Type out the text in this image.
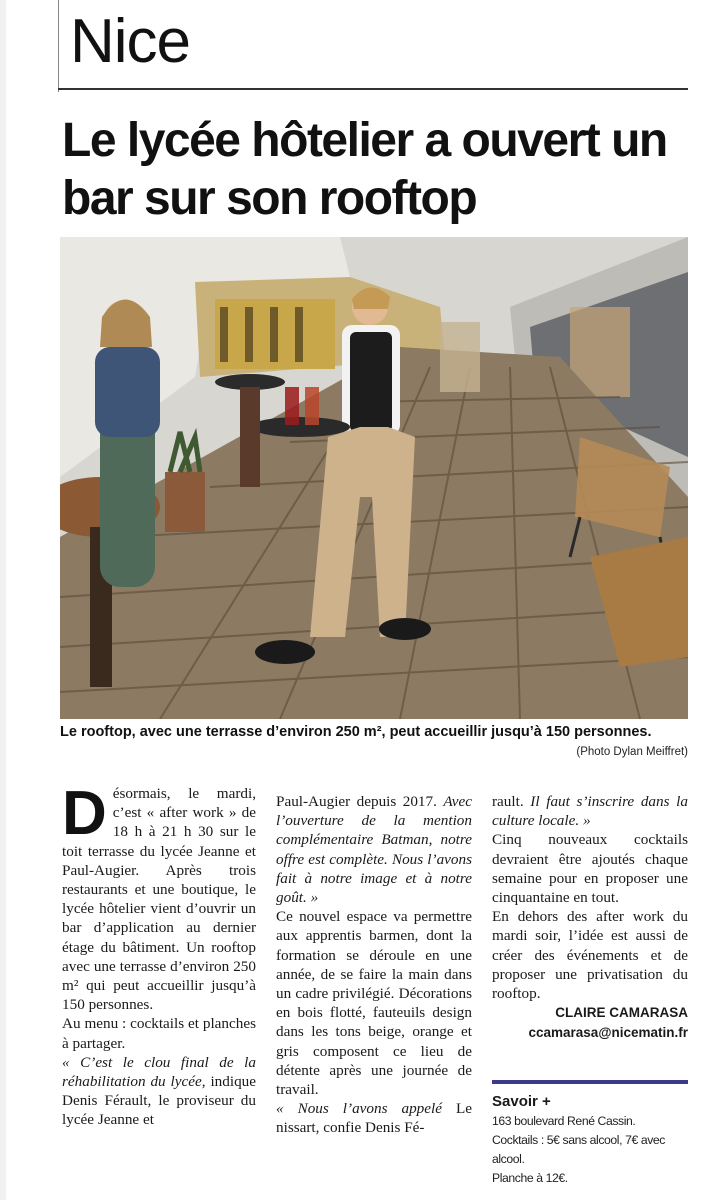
Nice
Le lycée hôtelier a ouvert un bar sur son rooftop
Le rooftop, avec une terrasse d’environ 250 m², peut accueillir jusqu’à 150 personnes.
(Photo Dylan Meiffret)
D ésormais, le mardi, c’est « after work » de 18 h à 21 h 30 sur le toit terrasse du lycée Jeanne et Paul-Augier. Après trois restaurants et une boutique, le lycée hôtelier vient d’ouvrir un bar d’application au dernier étage du bâtiment. Un rooftop avec une terrasse d’environ 250 m² qui peut accueillir jusqu’à 150 personnes.

Au menu : cocktails et planches à partager.

« C’est le clou final de la réhabilitation du lycée, indique Denis Férault, le proviseur du lycée Jeanne et

Paul-Augier depuis 2017. Avec l’ouverture de la mention complémentaire Batman, notre offre est complète. Nous l’avons fait à notre image et à notre goût. »

Ce nouvel espace va permettre aux apprentis barmen, dont la formation se déroule en une année, de se faire la main dans un cadre privilégié. Décorations en bois flotté, fauteuils design dans les tons beige, orange et gris composent ce lieu de détente après une journée de travail.

« Nous l’avons appelé Le nissart, confie Denis Fé-

rault. Il faut s’inscrire dans la culture locale. »

Cinq nouveaux cocktails devraient être ajoutés chaque semaine pour en proposer une cinquantaine en tout.

En dehors des after work du mardi soir, l’idée est aussi de créer des événements et de proposer une privatisation du rooftop.

CLAIRE CAMARASA
ccamarasa@nicematin.fr
Savoir +
163 boulevard René Cassin.
Cocktails : 5€ sans alcool, 7€ avec alcool.
Planche à 12€.
